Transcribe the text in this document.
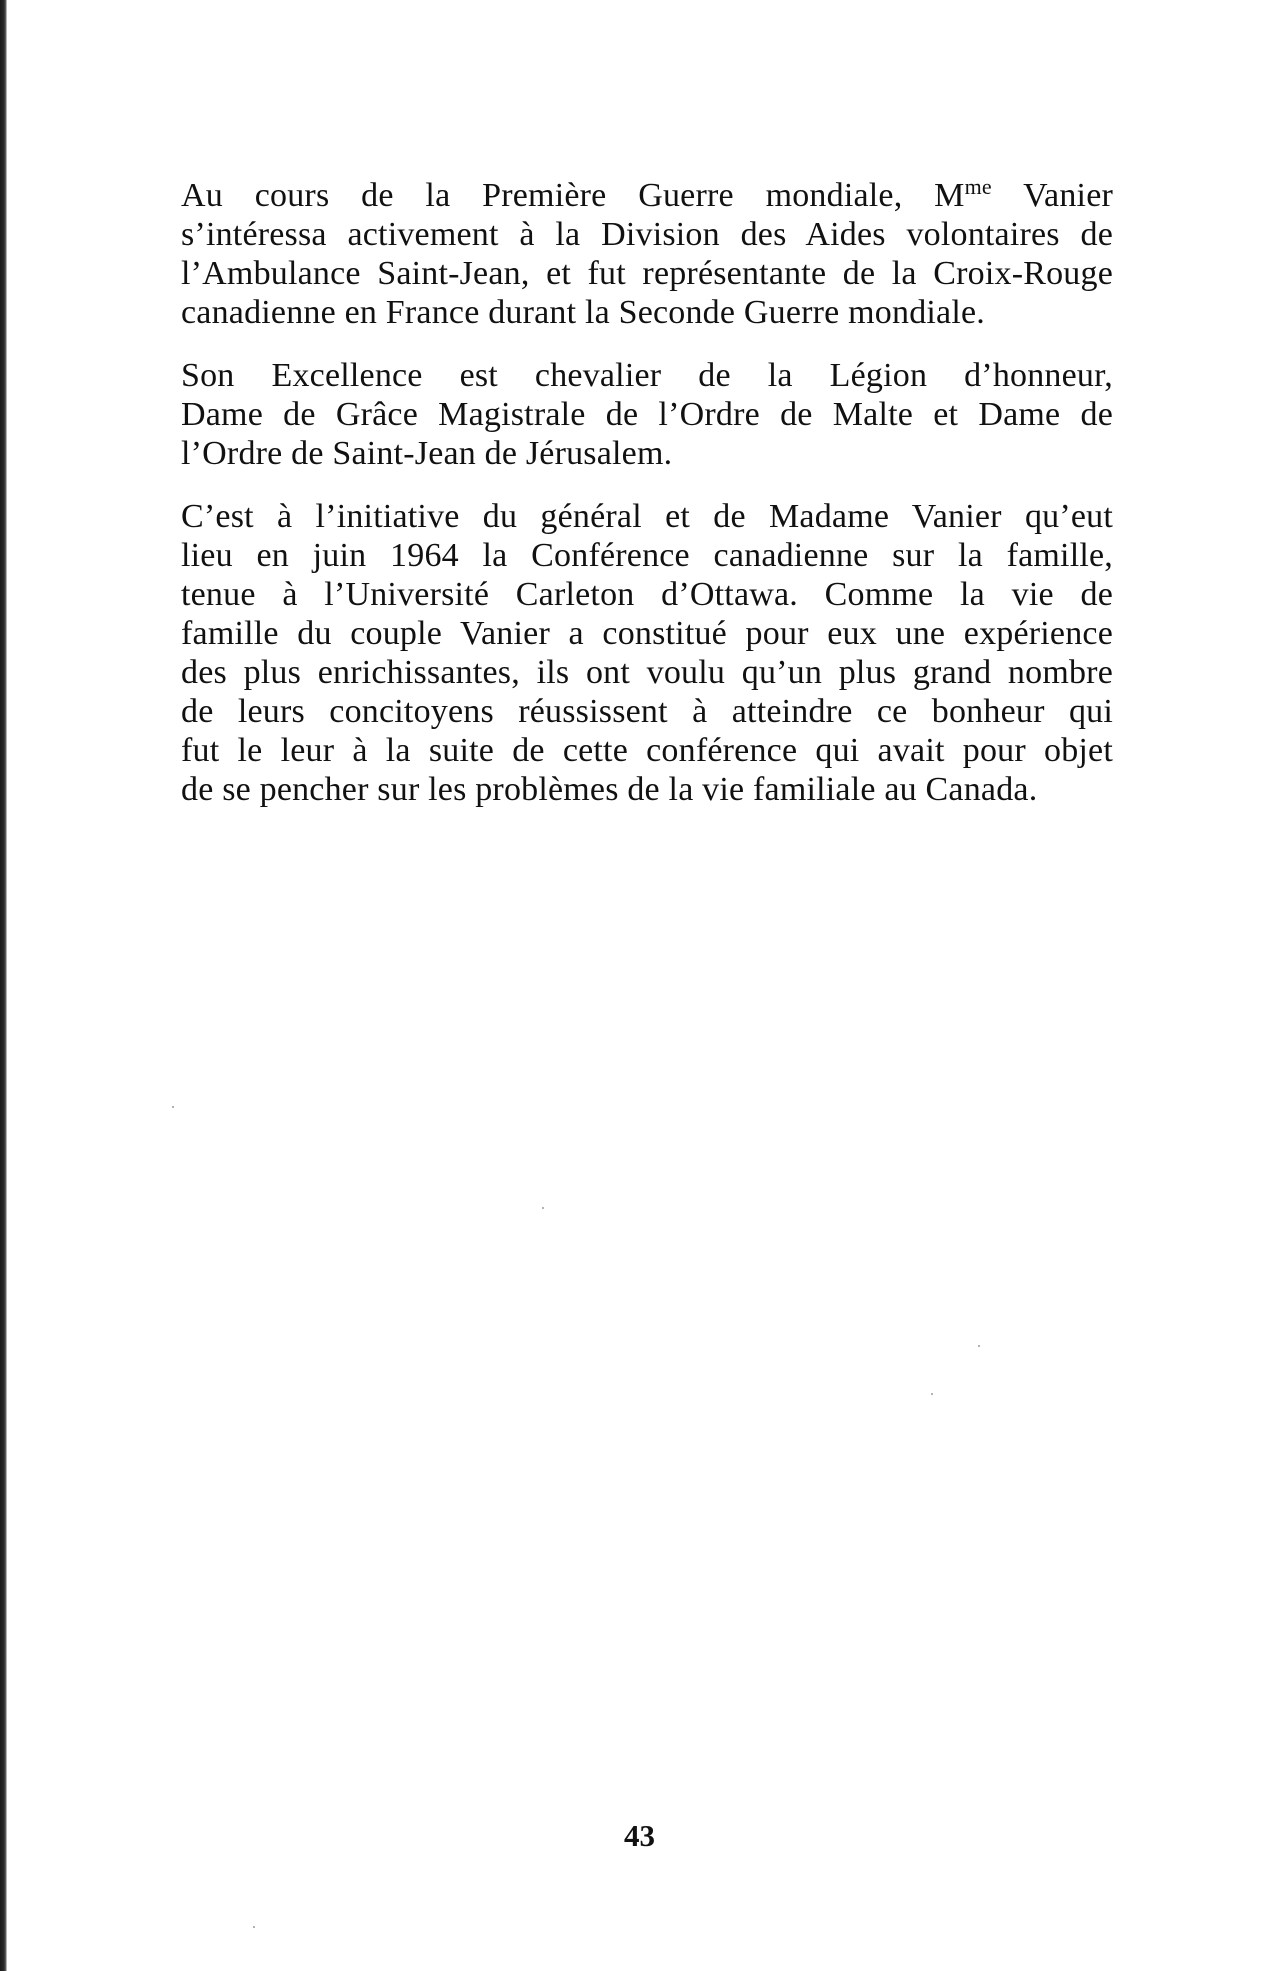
Au cours de la Première Guerre mondiale, $M^{me}$ Vanier
s’intéressa activement à la Division des Aides volontaires de
l’Ambulance Saint-Jean, et fut représentante de la Croix-Rouge
canadienne en France durant la Seconde Guerre mondiale.

Son Excellence est chevalier de la Légion d’honneur,
Dame de Grâce Magistrale de l’Ordre de Malte et Dame de
l’Ordre de Saint-Jean de Jérusalem.

C’est à l’initiative du général et de Madame Vanier qu’eut
lieu en juin 1964 la Conférence canadienne sur la famille,
tenue à l’Université Carleton d’Ottawa. Comme la vie de
famille du couple Vanier a constitué pour eux une expérience
des plus enrichissantes, ils ont voulu qu’un plus grand nombre
de leurs concitoyens réussissent à atteindre ce bonheur qui
fut le leur à la suite de cette conférence qui avait pour objet
de se pencher sur les problèmes de la vie familiale au Canada.

43
